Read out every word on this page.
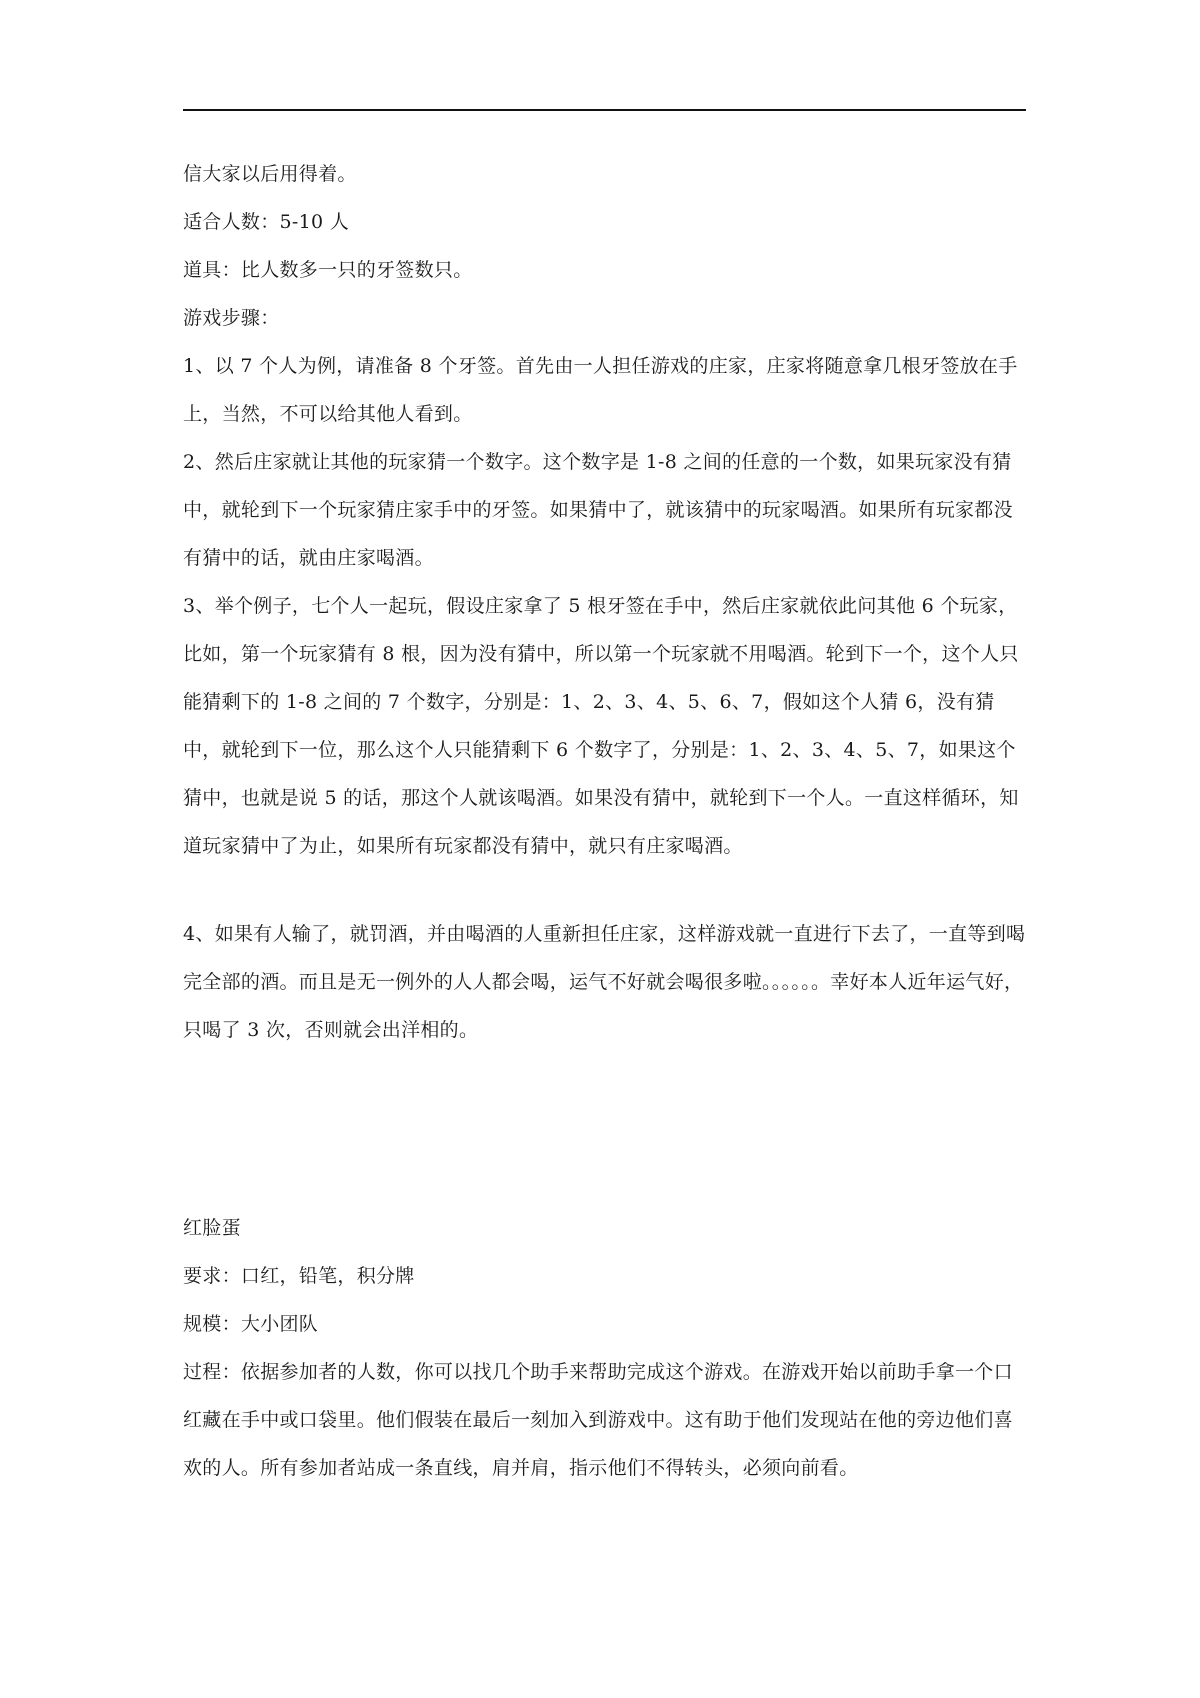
信大家以后用得着。

适合人数：5-10 人

道具：比人数多一只的牙签数只。

游戏步骤：

1、以 7 个人为例，请准备 8 个牙签。首先由一人担任游戏的庄家，庄家将随意拿几根牙签放在手上，当然，不可以给其他人看到。

2、然后庄家就让其他的玩家猜一个数字。这个数字是 1-8 之间的任意的一个数，如果玩家没有猜中，就轮到下一个玩家猜庄家手中的牙签。如果猜中了，就该猜中的玩家喝酒。如果所有玩家都没有猜中的话，就由庄家喝酒。

3、举个例子，七个人一起玩，假设庄家拿了 5 根牙签在手中，然后庄家就依此问其他 6 个玩家，比如，第一个玩家猜有 8 根，因为没有猜中，所以第一个玩家就不用喝酒。轮到下一个，这个人只能猜剩下的 1-8 之间的 7 个数字，分别是：1、2、3、4、5、6、7，假如这个人猜 6，没有猜中，就轮到下一位，那么这个人只能猜剩下 6 个数字了，分别是：1、2、3、4、5、7，如果这个猜中，也就是说 5 的话，那这个人就该喝酒。如果没有猜中，就轮到下一个人。一直这样循环，知道玩家猜中了为止，如果所有玩家都没有猜中，就只有庄家喝酒。

4、如果有人输了，就罚酒，并由喝酒的人重新担任庄家，这样游戏就一直进行下去了，一直等到喝完全部的酒。而且是无一例外的人人都会喝，运气不好就会喝很多啦。。。。。。幸好本人近年运气好，只喝了 3 次，否则就会出洋相的。

红脸蛋

要求：口红，铅笔，积分牌

规模：大小团队

过程：依据参加者的人数，你可以找几个助手来帮助完成这个游戏。在游戏开始以前助手拿一个口红藏在手中或口袋里。他们假装在最后一刻加入到游戏中。这有助于他们发现站在他的旁边他们喜欢的人。所有参加者站成一条直线，肩并肩，指示他们不得转头，必须向前看。
